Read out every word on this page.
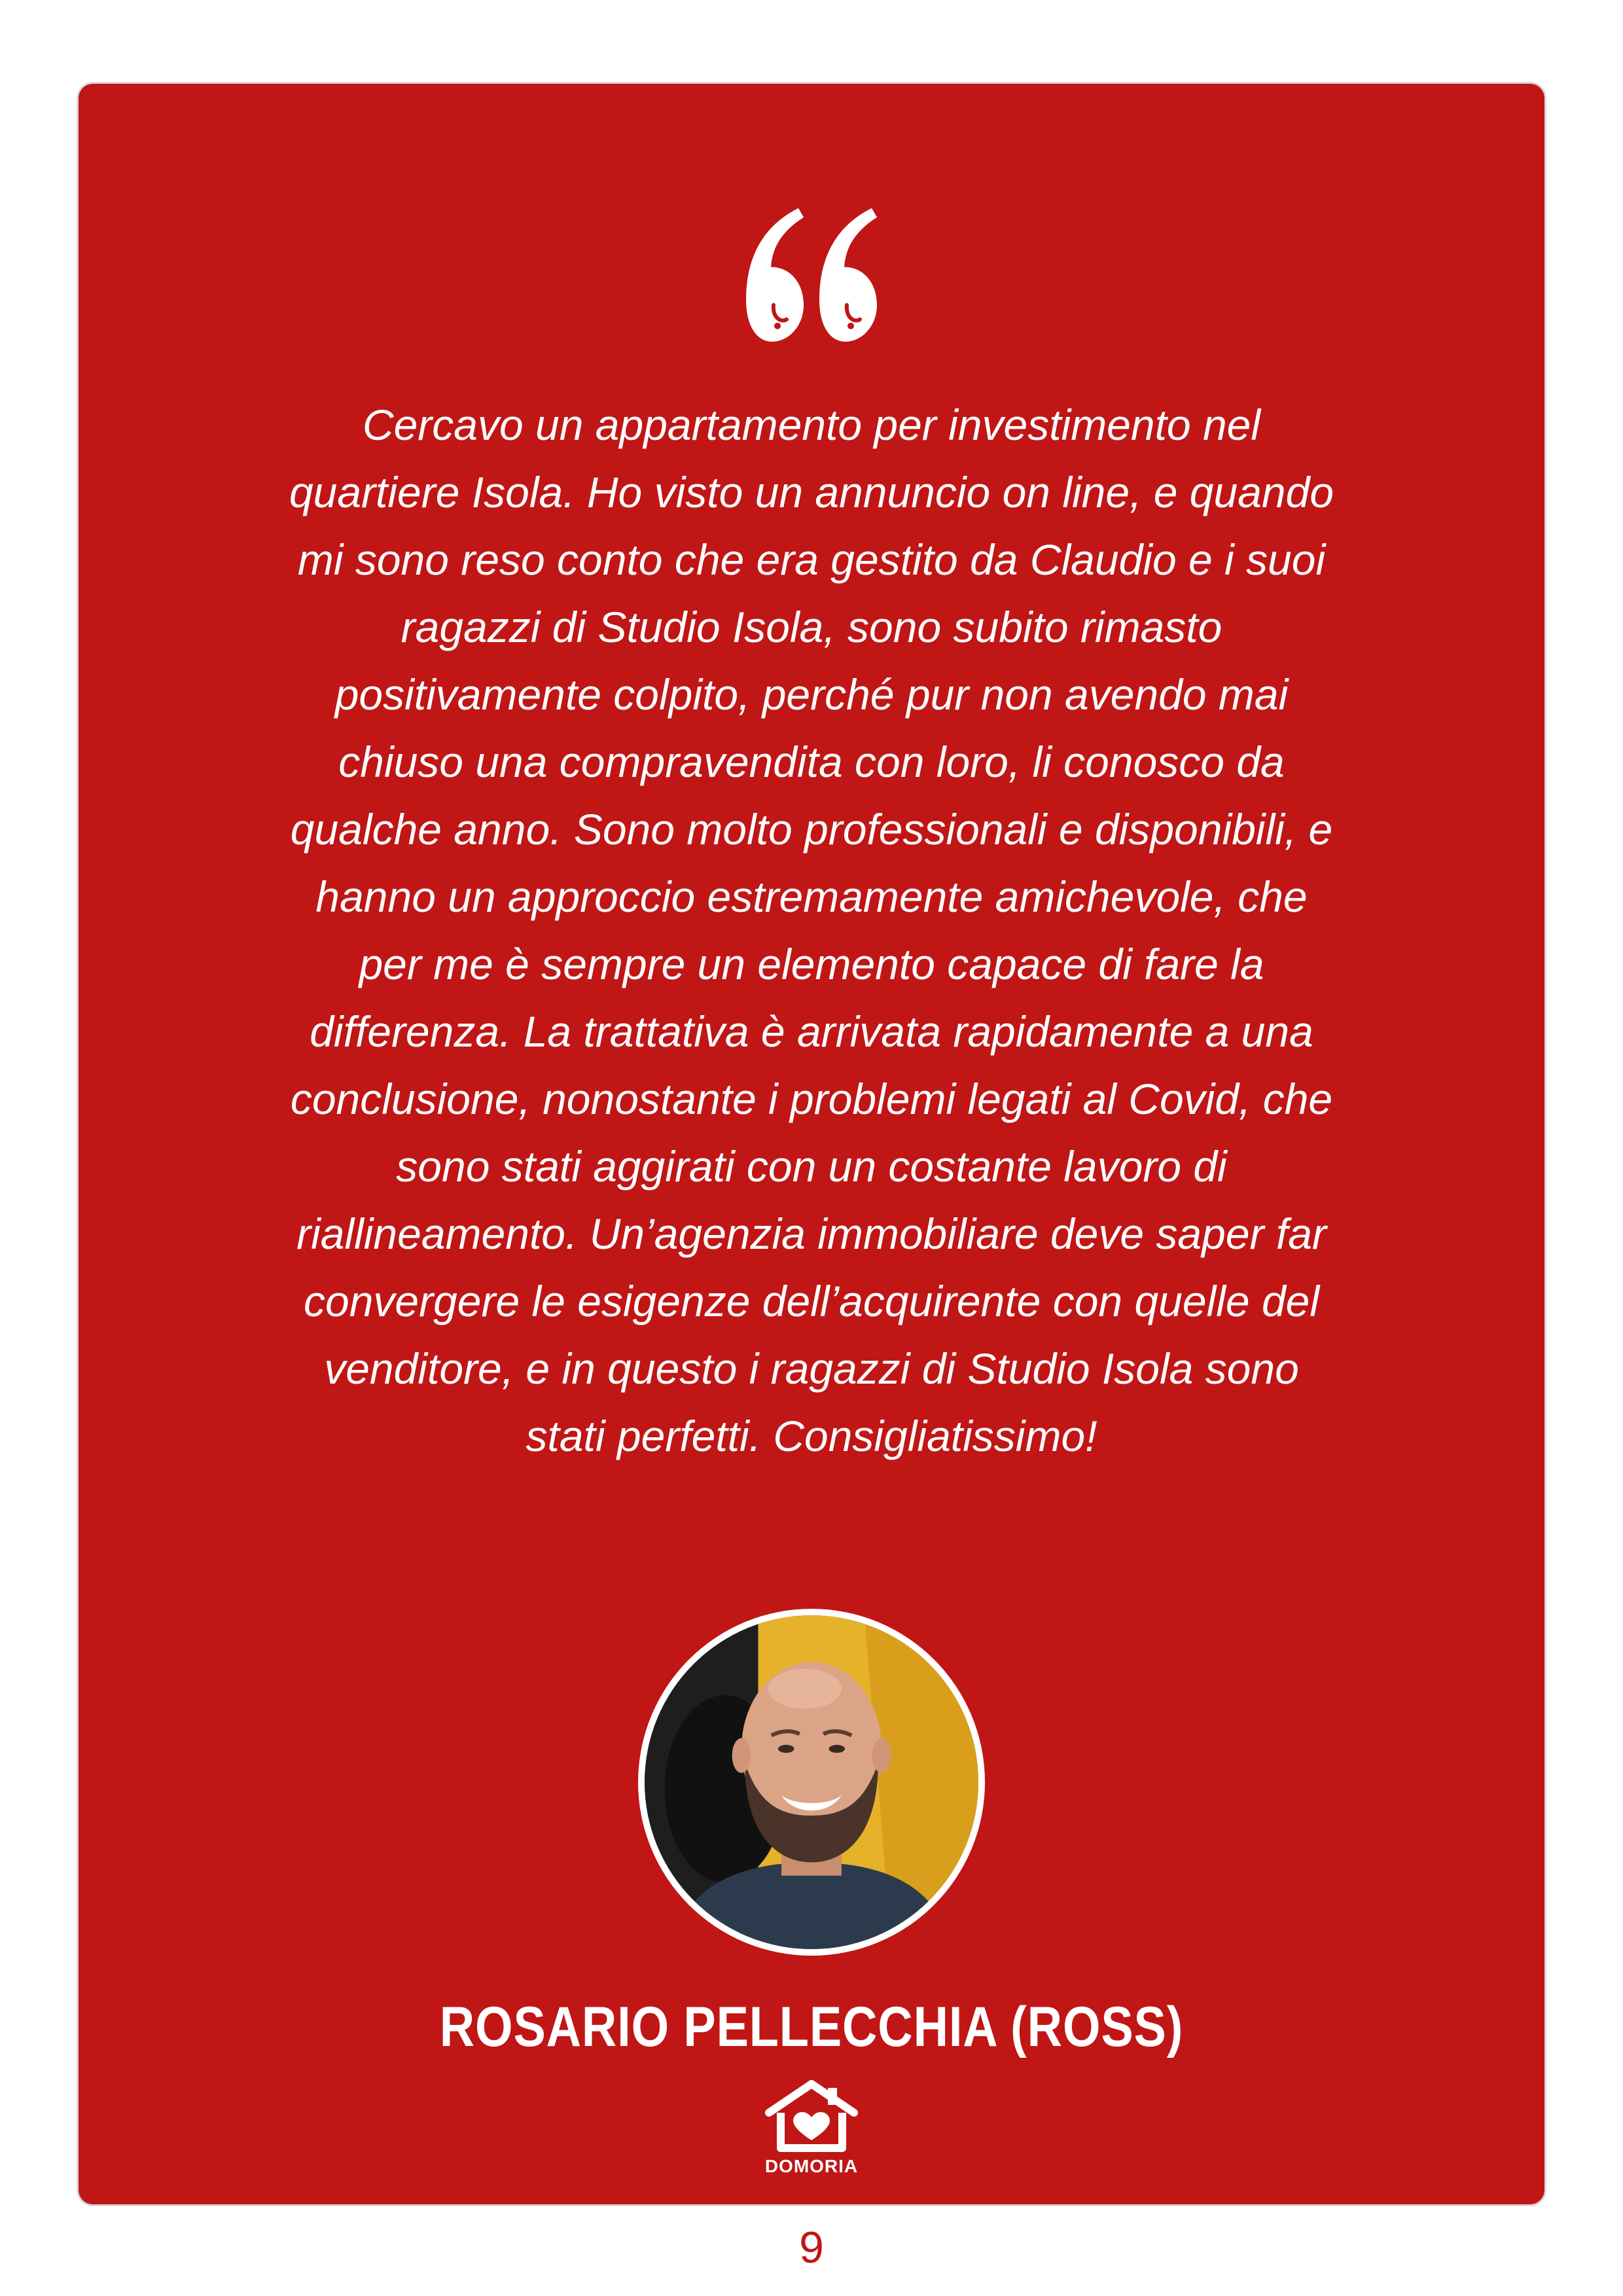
Cercavo un appartamento per investimento nel
quartiere Isola. Ho visto un annuncio on line, e quando
mi sono reso conto che era gestito da Claudio e i suoi
ragazzi di Studio Isola, sono subito rimasto
positivamente colpito, perché pur non avendo mai
chiuso una compravendita con loro, li conosco da
qualche anno. Sono molto professionali e disponibili, e
hanno un approccio estremamente amichevole, che
per me è sempre un elemento capace di fare la
differenza. La trattativa è arrivata rapidamente a una
conclusione, nonostante i problemi legati al Covid, che
sono stati aggirati con un costante lavoro di
riallineamento. Un’agenzia immobiliare deve saper far
convergere le esigenze dell’acquirente con quelle del
venditore, e in questo i ragazzi di Studio Isola sono
stati perfetti. Consigliatissimo!

ROSARIO PELLECCHIA (ROSS)
DOMORIA
9
